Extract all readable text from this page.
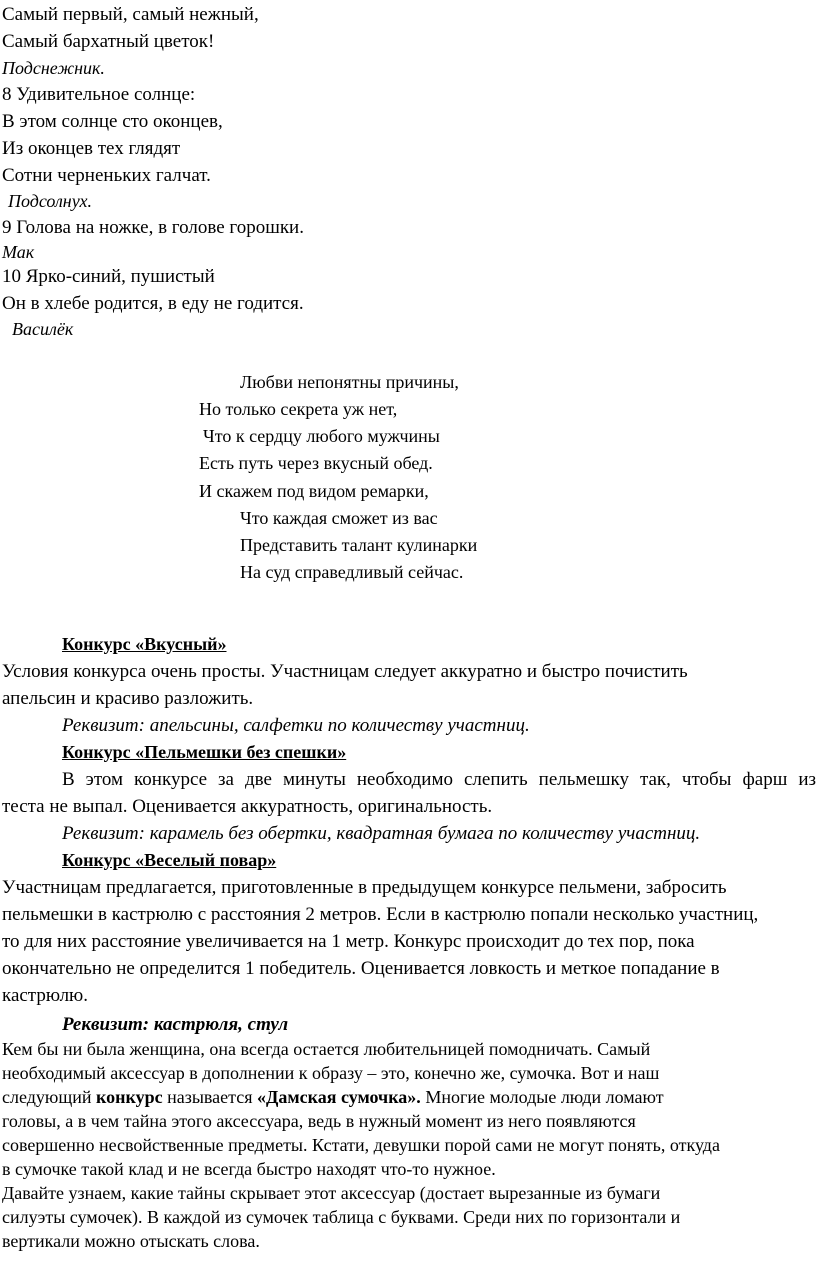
Самый первый, самый нежный,
Самый бархатный цветок!
Подснежник.
8 Удивительное солнце:
В этом солнце сто оконцев,
Из оконцев тех глядят
Сотни черненьких галчат.
Подсолнух.
9 Голова на ножке, в голове горошки.
Мак
10 Ярко-синий, пушистый
Он в хлебе родится, в еду не годится.
Василёк
Любви непонятны причины,
Но только секрета уж нет,
Что к сердцу любого мужчины
Есть путь через вкусный обед.
И скажем под видом ремарки,
Что каждая сможет из вас
Представить талант кулинарки
На суд справедливый сейчас.
Конкурс «Вкусный»
Условия конкурса очень просты. Участницам следует аккуратно и быстро почистить
апельсин и красиво разложить.
Реквизит: апельсины, салфетки по количеству участниц.
Конкурс «Пельмешки без спешки»
В этом конкурсе за две минуты необходимо слепить пельмешку так, чтобы фарш из
теста не выпал. Оценивается аккуратность, оригинальность.
Реквизит: карамель без обертки, квадратная бумага по количеству участниц.
Конкурс «Веселый повар»
Участницам предлагается, приготовленные в предыдущем конкурсе пельмени, забросить
пельмешки в кастрюлю с расстояния 2 метров. Если в кастрюлю попали несколько участниц,
то для них расстояние увеличивается на 1 метр. Конкурс происходит до тех пор, пока
окончательно не определится 1 победитель. Оценивается ловкость и меткое попадание в
кастрюлю.
Реквизит: кастрюля, стул
Кем бы ни была женщина, она всегда остается любительницей помодничать. Самый
необходимый аксессуар в дополнении к образу – это, конечно же, сумочка. Вот и наш
следующий конкурс называется «Дамская сумочка». Многие молодые люди ломают
головы, а в чем тайна этого аксессуара, ведь в нужный момент из него появляются
совершенно несвойственные предметы. Кстати, девушки порой сами не могут понять, откуда
в сумочке такой клад и не всегда быстро находят что-то нужное.
Давайте узнаем, какие тайны скрывает этот аксессуар (достает вырезанные из бумаги
силуэты сумочек). В каждой из сумочек таблица с буквами. Среди них по горизонтали и
вертикали можно отыскать слова.
